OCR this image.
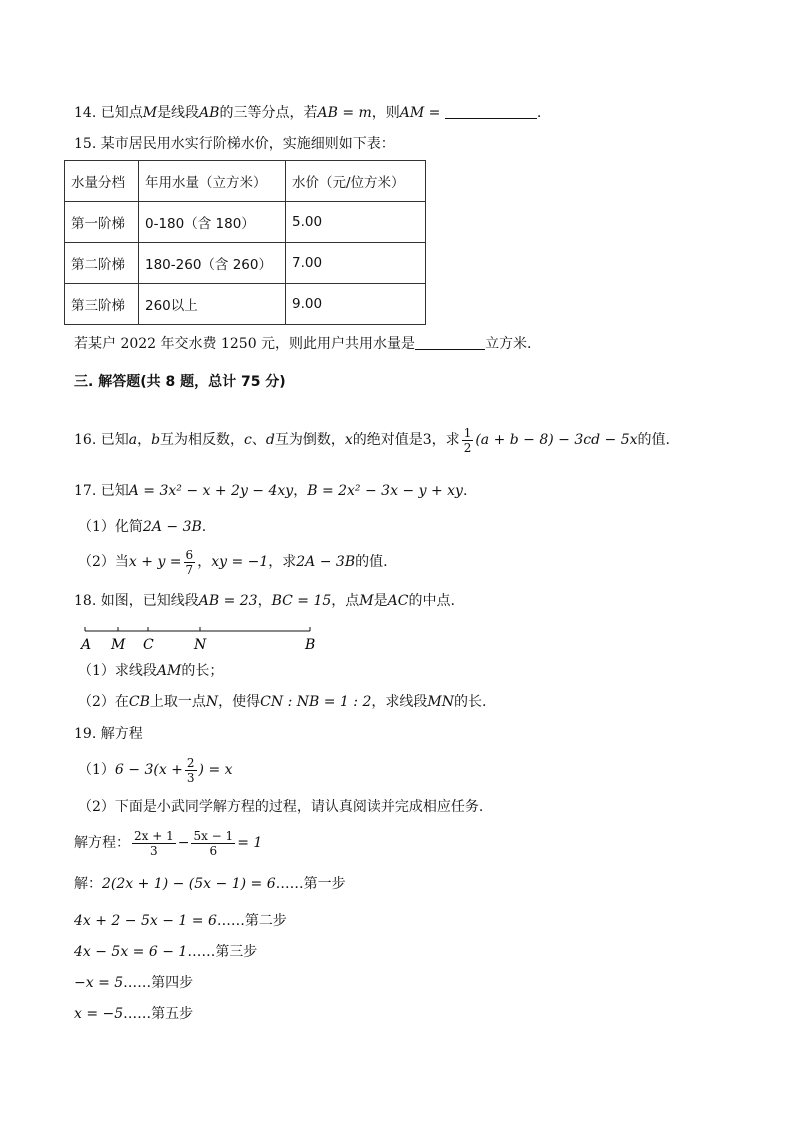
14. 已知点M是线段AB的三等分点，若AB = m，则AM =	.
15. 某市居民用水实行阶梯水价，实施细则如下表：
水量分档	年用水量（立方米）	水价（元/位方米）
第一阶梯	0-180（含 180）	5.00
第二阶梯	180-260（含 260）	7.00
第三阶梯	260以上	9.00
若某户 2022 年交水费 1250 元，则此用户共用水量是	立方米.
三. 解答题(共 8 题，总计 75 分)
16. 已知a，b互为相反数，c、d互为倒数，x的绝对值是3，求 $\frac{1}{2} (a + b - 8) - 3cd - 5x$的值.
17. 已知A = 3x² − x + 2y − 4xy，B = 2x² − 3x − y + xy.
（1）化简2A − 3B.
（2）当$x + y = \frac{6}{7}$ ，xy = −1，求2A − 3B的值.
18. 如图，已知线段AB = 23，BC = 15，点M是AC的中点.
A M C	N	B
（1）求线段AM的长；
（2）在CB上取一点N，使得CN : NB = 1 : 2，求线段MN的长.
19. 解方程
$(1)6 - 3(x + \frac{2}{3}$ ) = x
（2）下面是小武同学解方程的过程，请认真阅读并完成相应任务.
解方程： $\frac{2x + 1}{3} - \frac{5x - 1}{6} = 1$
解：2(2x + 1) − (5x − 1) = 6……第一步
4x + 2 − 5x − 1 = 6……第二步
4x − 5x = 6 − 1……第三步
−x = 5……第四步
x = −5……第五步
